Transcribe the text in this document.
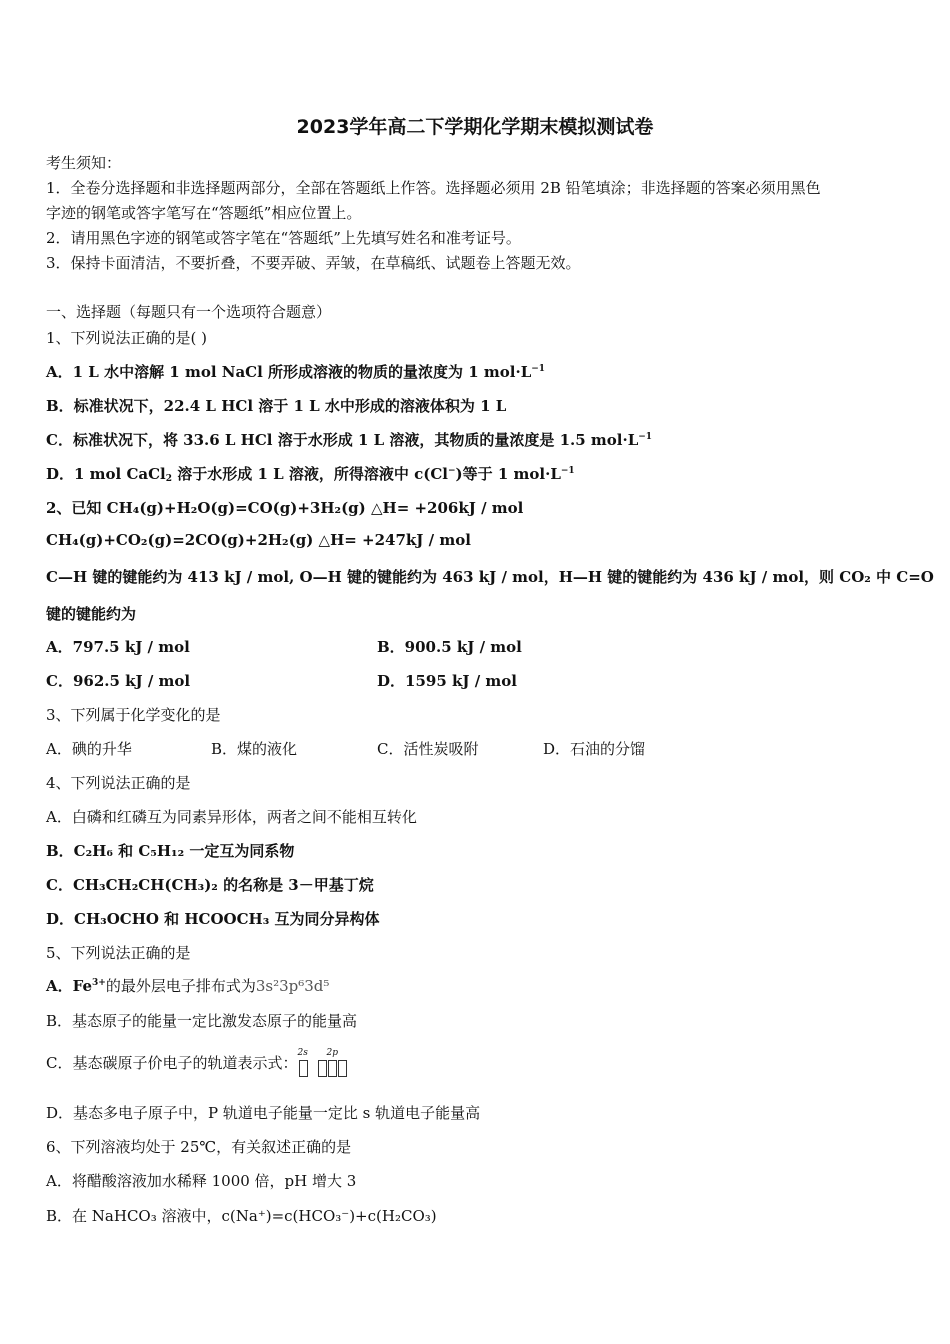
2023学年高二下学期化学期末模拟测试卷
考生须知：
1．全卷分选择题和非选择题两部分，全部在答题纸上作答。选择题必须用 2B 铅笔填涂；非选择题的答案必须用黑色
字迹的钢笔或答字笔写在“答题纸”相应位置上。
2．请用黑色字迹的钢笔或答字笔在“答题纸”上先填写姓名和准考证号。
3．保持卡面清洁，不要折叠，不要弄破、弄皱，在草稿纸、试题卷上答题无效。
一、选择题（每题只有一个选项符合题意）
1、下列说法正确的是( )
A．1 L 水中溶解 1 mol NaCl 所形成溶液的物质的量浓度为 1 $mol\cdot L^{-1}$
B．标准状况下，22.4 L HCl 溶于 1 L 水中形成的溶液体积为 1 L
C．标准状况下，将 33.6 L HCl 溶于水形成 1 L 溶液，其物质的量浓度是 1.5 $mol\cdot L^{-1}$
D．1 mol CaCl$_2$ 溶于水形成 1 L 溶液，所得溶液中 c(Cl−)等于 1 $mol\cdot L^{-1}$
2、已知 CH₄(g)+H₂O(g)=CO(g)+3H₂(g) △H= +206kJ / mol
CH₄(g)+CO₂(g)=2CO(g)+2H₂(g) △H= +247kJ / mol
C—H 键的键能约为 413 kJ / mol, O—H 键的键能约为 463 kJ / mol，H—H 键的键能约为 436 kJ / mol，则 CO₂ 中 C=O
键的键能约为
A．797.5 kJ / mol	B．900.5 kJ / mol
C．962.5 kJ / mol	D．1595 kJ / mol
3、下列属于化学变化的是
A．碘的升华	B．煤的液化	C．活性炭吸附	D．石油的分馏
4、下列说法正确的是
A．白磷和红磷互为同素异形体，两者之间不能相互转化
B．C₂H₆ 和 C₅H₁₂ 一定互为同系物
C．CH₃CH₂CH(CH₃)₂ 的名称是 3－甲基丁烷
D．CH₃OCHO 和 HCOOCH₃ 互为同分异构体
5、下列说法正确的是
A．$Fe^{3+}$的最外层电子排布式为3s²3p⁶3d⁵
B．基态原子的能量一定比激发态原子的能量高
C．基态碳原子价电子的轨道表示式：
2s 2p
D．基态多电子原子中，P 轨道电子能量一定比 s 轨道电子能量高
6、下列溶液均处于 25℃，有关叙述正确的是
A．将醋酸溶液加水稀释 1000 倍，pH 增大 3
B．在 NaHCO₃ 溶液中，c(Na⁺)=c(HCO₃⁻)+c(H₂CO₃)
